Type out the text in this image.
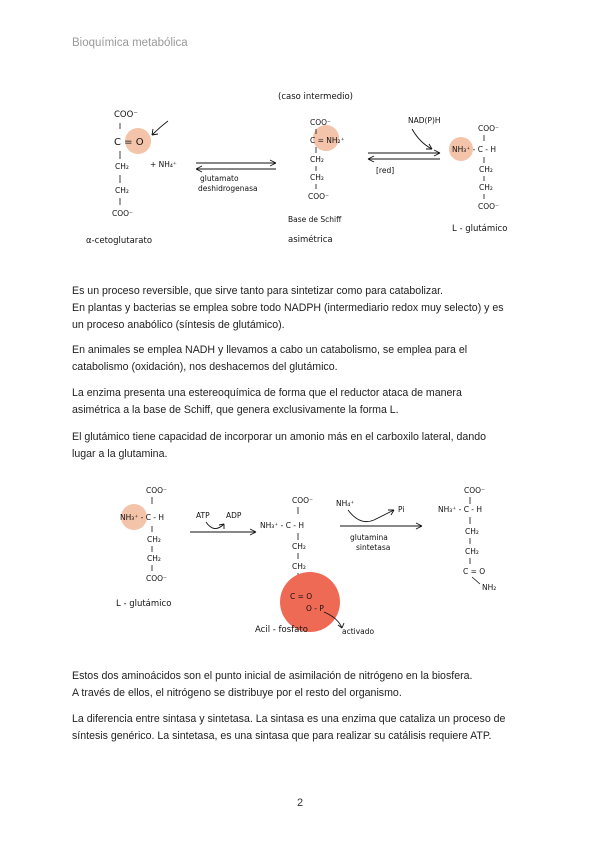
Bioquímica metabólica
(caso intermedio)
COO⁻
C = O
CH₂
CH₂
COO⁻
α-cetoglutarato
+ NH₄⁺
glutamato
deshidrogenasa
COO⁻
C = NH₂⁺
CH₂
CH₂
COO⁻
Base de Schiff
asimétrica
NAD(P)H
[red]
COO⁻
NH₃⁺ - C - H
CH₂
CH₂
COO⁻
L - glutámico
Es un proceso reversible, que sirve tanto para sintetizar como para catabolizar.
En plantas y bacterias se emplea sobre todo NADPH (intermediario redox muy selecto) y es
un proceso anabólico (síntesis de glutámico).
En animales se emplea NADH y llevamos a cabo un catabolismo, se emplea para el
catabolismo (oxidación), nos deshacemos del glutámico.
La enzima presenta una estereoquímica de forma que el reductor ataca de manera
asimétrica a la base de Schiff, que genera exclusivamente la forma L.
El glutámico tiene capacidad de incorporar un amonio más en el carboxilo lateral, dando
lugar a la glutamina.
COO⁻
NH₃⁺ - C - H
CH₂
CH₂
COO⁻
L - glutámico
ATP ADP
COO⁻
NH₃⁺ - C - H
CH₂
CH₂
C = O
O - P
Acil - fosfato	activado
NH₄⁺
Pi
glutamina
sintetasa
COO⁻
NH₃⁺ - C - H
CH₂
CH₂
C = O
NH₂
Estos dos aminoácidos son el punto inicial de asimilación de nitrógeno en la biosfera.
A través de ellos, el nitrógeno se distribuye por el resto del organismo.
La diferencia entre sintasa y sintetasa. La sintasa es una enzima que cataliza un proceso de
síntesis genérico. La sintetasa, es una sintasa que para realizar su catálisis requiere ATP.
2
